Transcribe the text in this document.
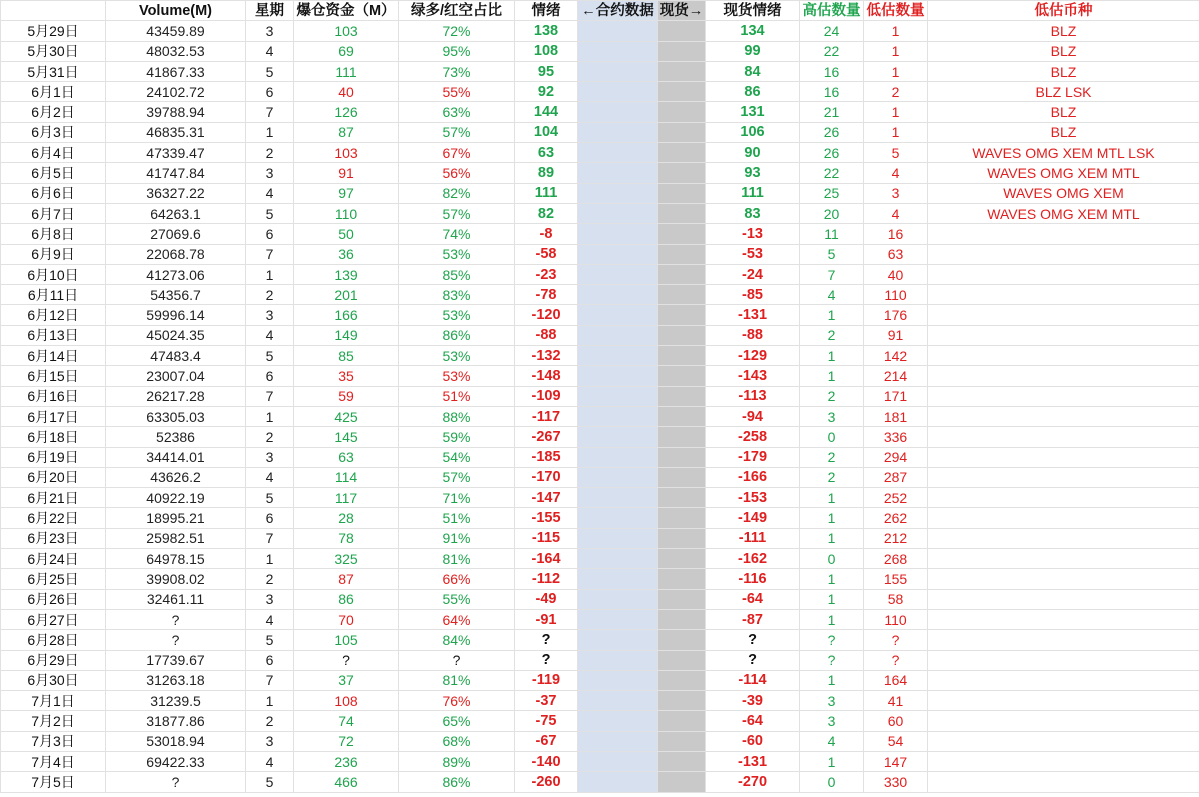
	Volume(M)	星期	爆仓资金（M）	绿多/红空占比	情绪	←合约数据	现货→	现货情绪	高估数量	低估数量	低估币种
5月29日	43459.89	3	103	72%	138			134	24	1	BLZ
5月30日	48032.53	4	69	95%	108			99	22	1	BLZ
5月31日	41867.33	5	111	73%	95			84	16	1	BLZ
6月1日	24102.72	6	40	55%	92			86	16	2	BLZ LSK
6月2日	39788.94	7	126	63%	144			131	21	1	BLZ
6月3日	46835.31	1	87	57%	104			106	26	1	BLZ
6月4日	47339.47	2	103	67%	63			90	26	5	WAVES OMG XEM MTL LSK
6月5日	41747.84	3	91	56%	89			93	22	4	WAVES OMG XEM MTL
6月6日	36327.22	4	97	82%	111			111	25	3	WAVES OMG XEM
6月7日	64263.1	5	110	57%	82			83	20	4	WAVES OMG XEM MTL
6月8日	27069.6	6	50	74%	-8			-13	11	16	
6月9日	22068.78	7	36	53%	-58			-53	5	63	
6月10日	41273.06	1	139	85%	-23			-24	7	40	
6月11日	54356.7	2	201	83%	-78			-85	4	110	
6月12日	59996.14	3	166	53%	-120			-131	1	176	
6月13日	45024.35	4	149	86%	-88			-88	2	91	
6月14日	47483.4	5	85	53%	-132			-129	1	142	
6月15日	23007.04	6	35	53%	-148			-143	1	214	
6月16日	26217.28	7	59	51%	-109			-113	2	171	
6月17日	63305.03	1	425	88%	-117			-94	3	181	
6月18日	52386	2	145	59%	-267			-258	0	336	
6月19日	34414.01	3	63	54%	-185			-179	2	294	
6月20日	43626.2	4	114	57%	-170			-166	2	287	
6月21日	40922.19	5	117	71%	-147			-153	1	252	
6月22日	18995.21	6	28	51%	-155			-149	1	262	
6月23日	25982.51	7	78	91%	-115			-111	1	212	
6月24日	64978.15	1	325	81%	-164			-162	0	268	
6月25日	39908.02	2	87	66%	-112			-116	1	155	
6月26日	32461.11	3	86	55%	-49			-64	1	58	
6月27日	?	4	70	64%	-91			-87	1	110	
6月28日	?	5	105	84%	?			?	?	?	
6月29日	17739.67	6	?	?	?			?	?	?	
6月30日	31263.18	7	37	81%	-119			-114	1	164	
7月1日	31239.5	1	108	76%	-37			-39	3	41	
7月2日	31877.86	2	74	65%	-75			-64	3	60	
7月3日	53018.94	3	72	68%	-67			-60	4	54	
7月4日	69422.33	4	236	89%	-140			-131	1	147	
7月5日	?	5	466	86%	-260			-270	0	330	
